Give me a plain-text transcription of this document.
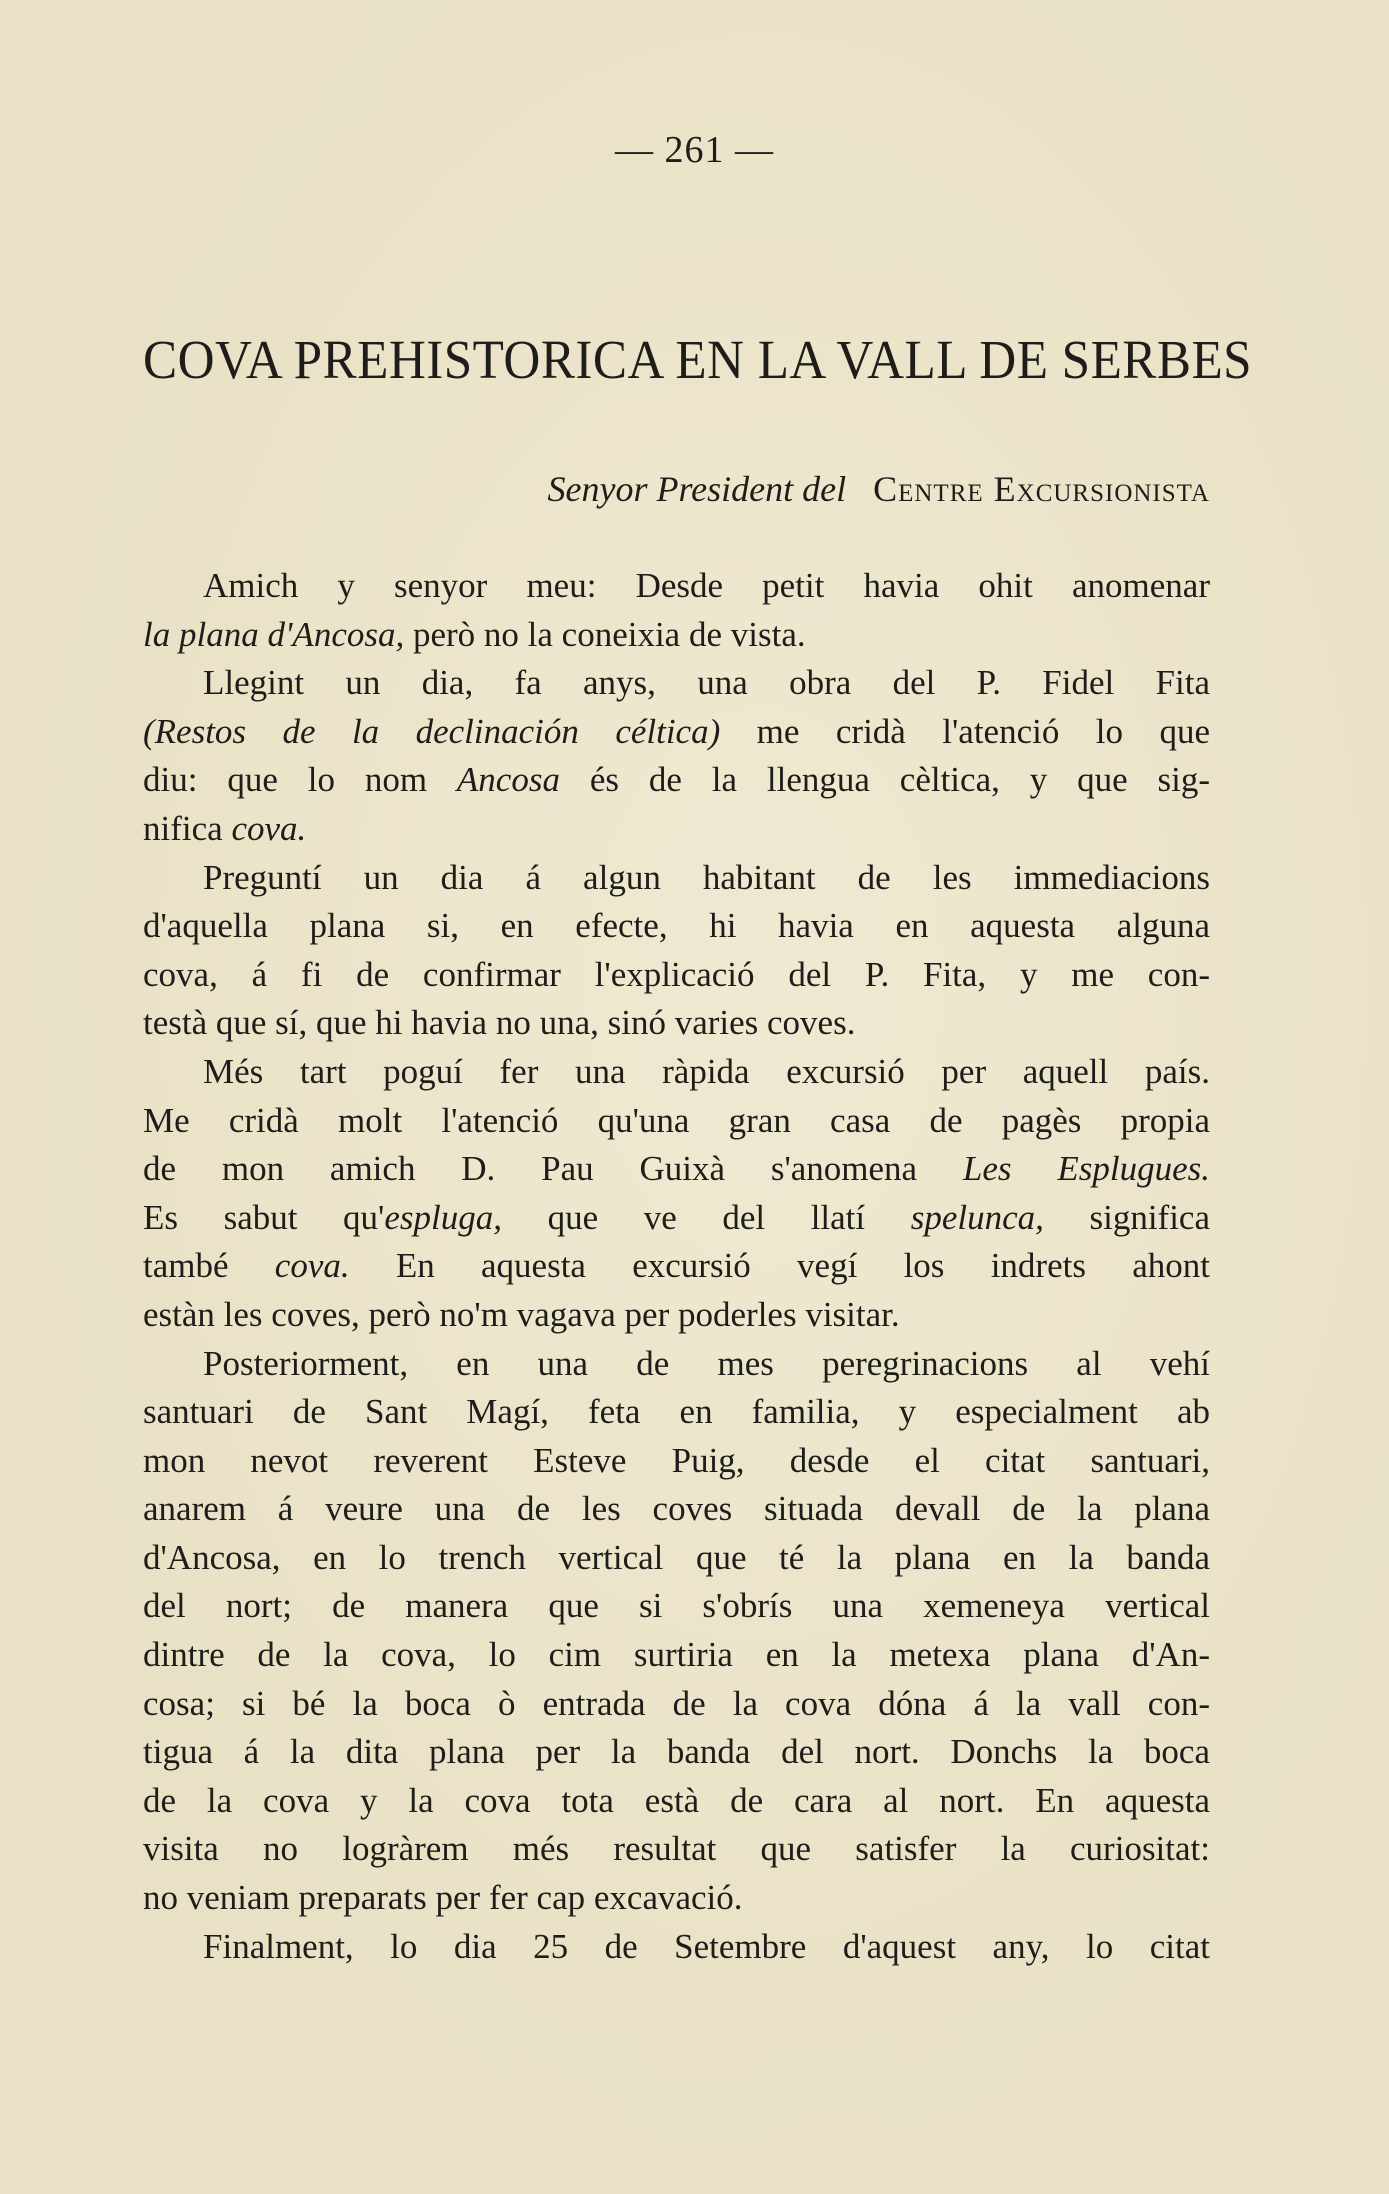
— 261 —
COVA PREHISTORICA EN LA VALL DE SERBES
Senyor President del Centre Excursionista
Amich y senyor meu: Desde petit havia ohit anomenar
la plana d'Ancosa, però no la coneixia de vista.
Llegint un dia, fa anys, una obra del P. Fidel Fita
(Restos de la declinación céltica) me cridà l'atenció lo que
diu: que lo nom Ancosa és de la llengua cèltica, y que sig-
nifica cova.
Preguntí un dia á algun habitant de les immediacions
d'aquella plana si, en efecte, hi havia en aquesta alguna
cova, á fi de confirmar l'explicació del P. Fita, y me con-
testà que sí, que hi havia no una, sinó varies coves.
Més tart poguí fer una ràpida excursió per aquell país.
Me cridà molt l'atenció qu'una gran casa de pagès propia
de mon amich D. Pau Guixà s'anomena Les Esplugues.
Es sabut qu'espluga, que ve del llatí spelunca, significa
també cova. En aquesta excursió vegí los indrets ahont
estàn les coves, però no'm vagava per poderles visitar.
Posteriorment, en una de mes peregrinacions al vehí
santuari de Sant Magí, feta en familia, y especialment ab
mon nevot reverent Esteve Puig, desde el citat santuari,
anarem á veure una de les coves situada devall de la plana
d'Ancosa, en lo trench vertical que té la plana en la banda
del nort; de manera que si s'obrís una xemeneya vertical
dintre de la cova, lo cim surtiria en la metexa plana d'An-
cosa; si bé la boca ò entrada de la cova dóna á la vall con-
tigua á la dita plana per la banda del nort. Donchs la boca
de la cova y la cova tota està de cara al nort. En aquesta
visita no logràrem més resultat que satisfer la curiositat:
no veniam preparats per fer cap excavació.
Finalment, lo dia 25 de Setembre d'aquest any, lo citat
